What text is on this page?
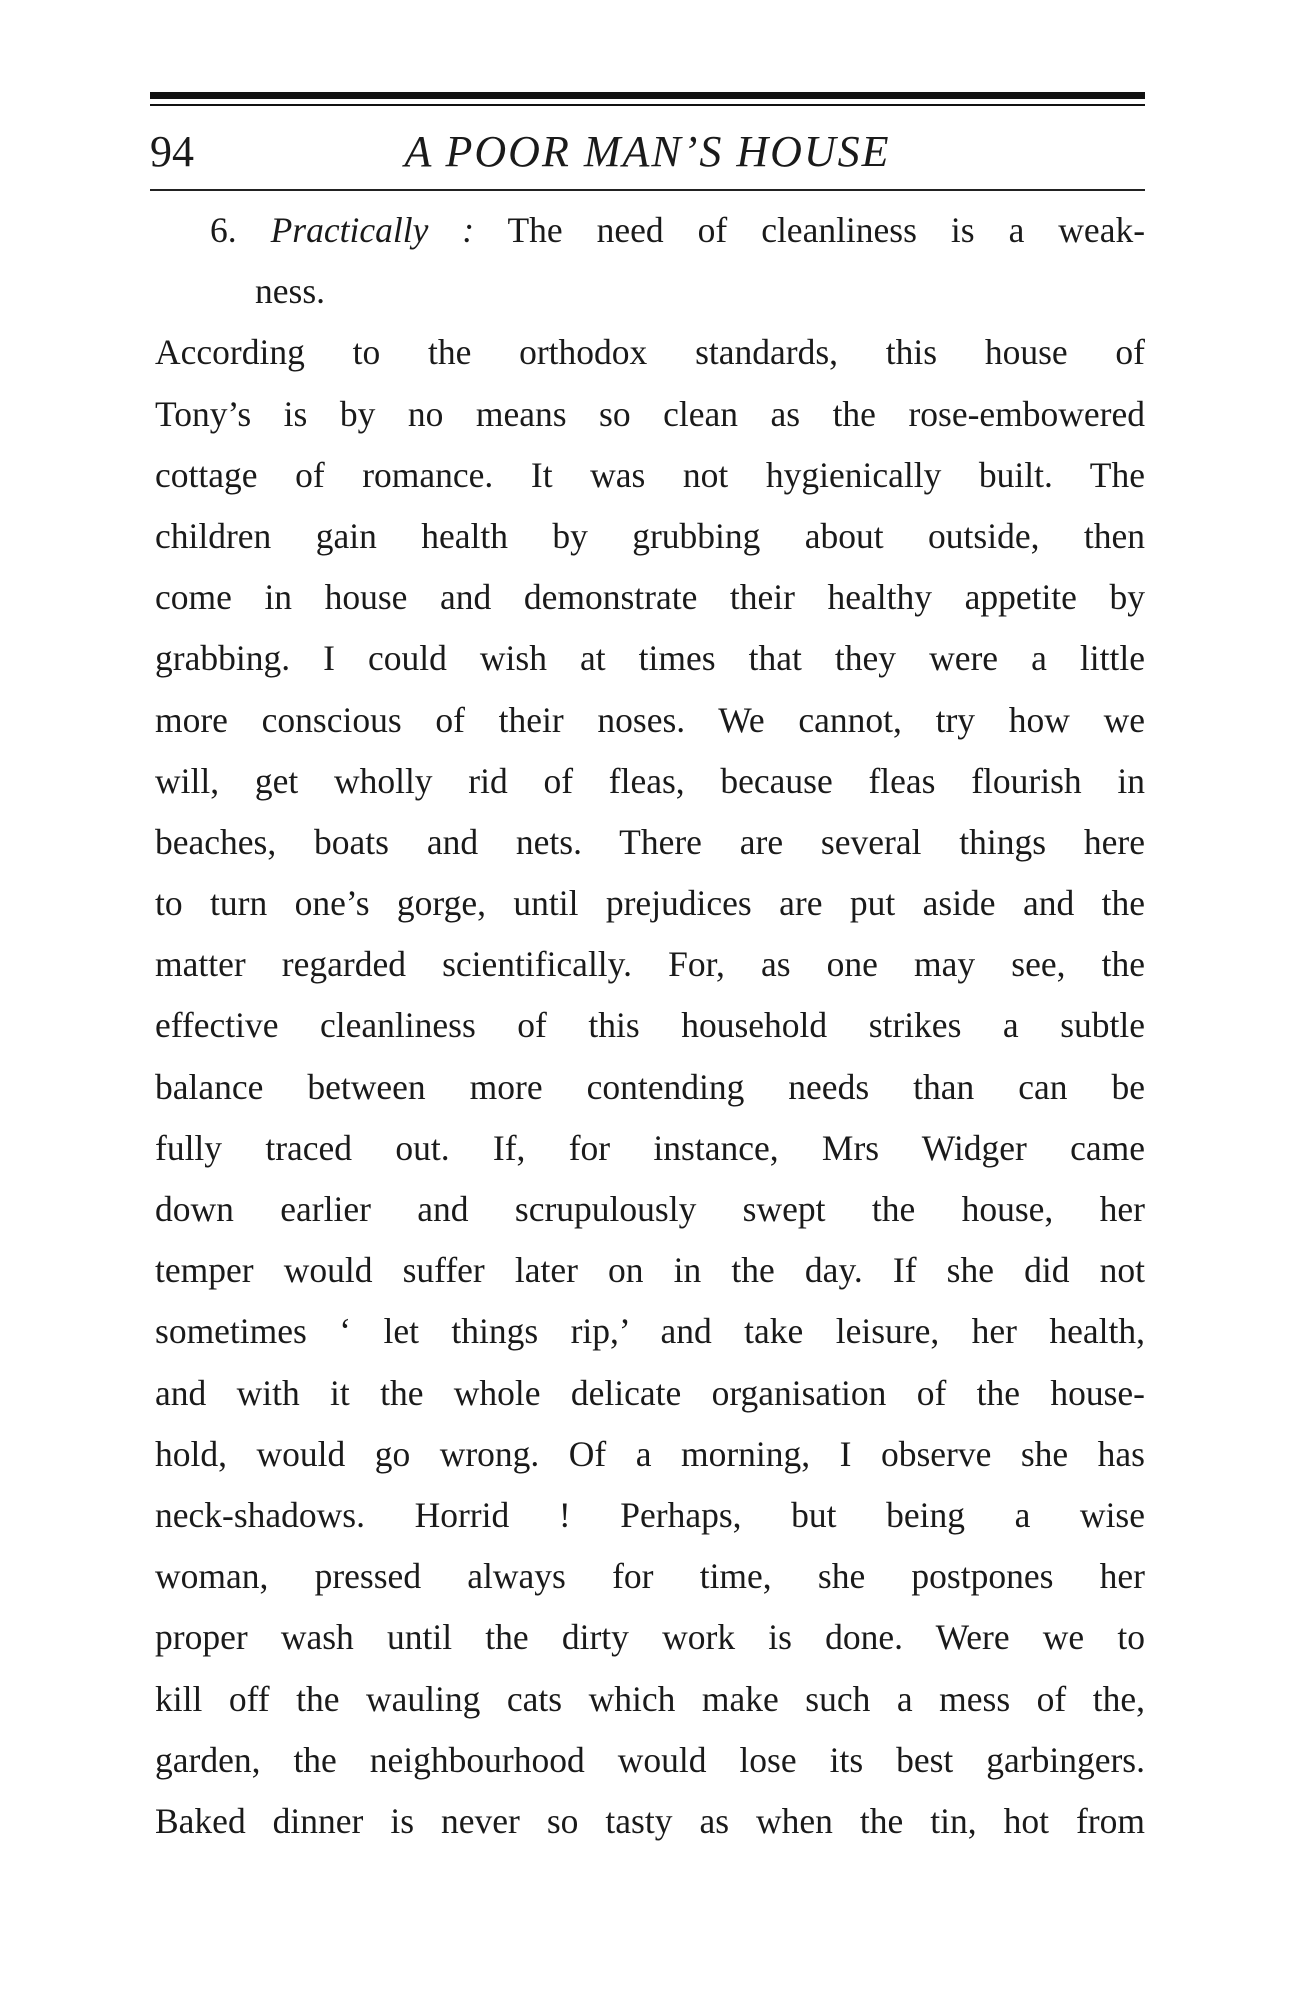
94	A POOR MAN’S HOUSE
6. Practically : The need of cleanliness is a weak-
ness.
According to the orthodox standards, this house of
Tony’s is by no means so clean as the rose-embowered
cottage of romance. It was not hygienically built. The
children gain health by grubbing about outside, then
come in house and demonstrate their healthy appetite by
grabbing. I could wish at times that they were a little
more conscious of their noses. We cannot, try how we
will, get wholly rid of fleas, because fleas flourish in
beaches, boats and nets. There are several things here
to turn one’s gorge, until prejudices are put aside and the
matter regarded scientifically. For, as one may see, the
effective cleanliness of this household strikes a subtle
balance between more contending needs than can be
fully traced out. If, for instance, Mrs Widger came
down earlier and scrupulously swept the house, her
temper would suffer later on in the day. If she did not
sometimes ‘ let things rip,’ and take leisure, her health,
and with it the whole delicate organisation of the house-
hold, would go wrong. Of a morning, I observe she has
neck-shadows. Horrid ! Perhaps, but being a wise
woman, pressed always for time, she postpones her
proper wash until the dirty work is done. Were we to
kill off the wauling cats which make such a mess of the,
garden, the neighbourhood would lose its best garbingers.
Baked dinner is never so tasty as when the tin, hot from
